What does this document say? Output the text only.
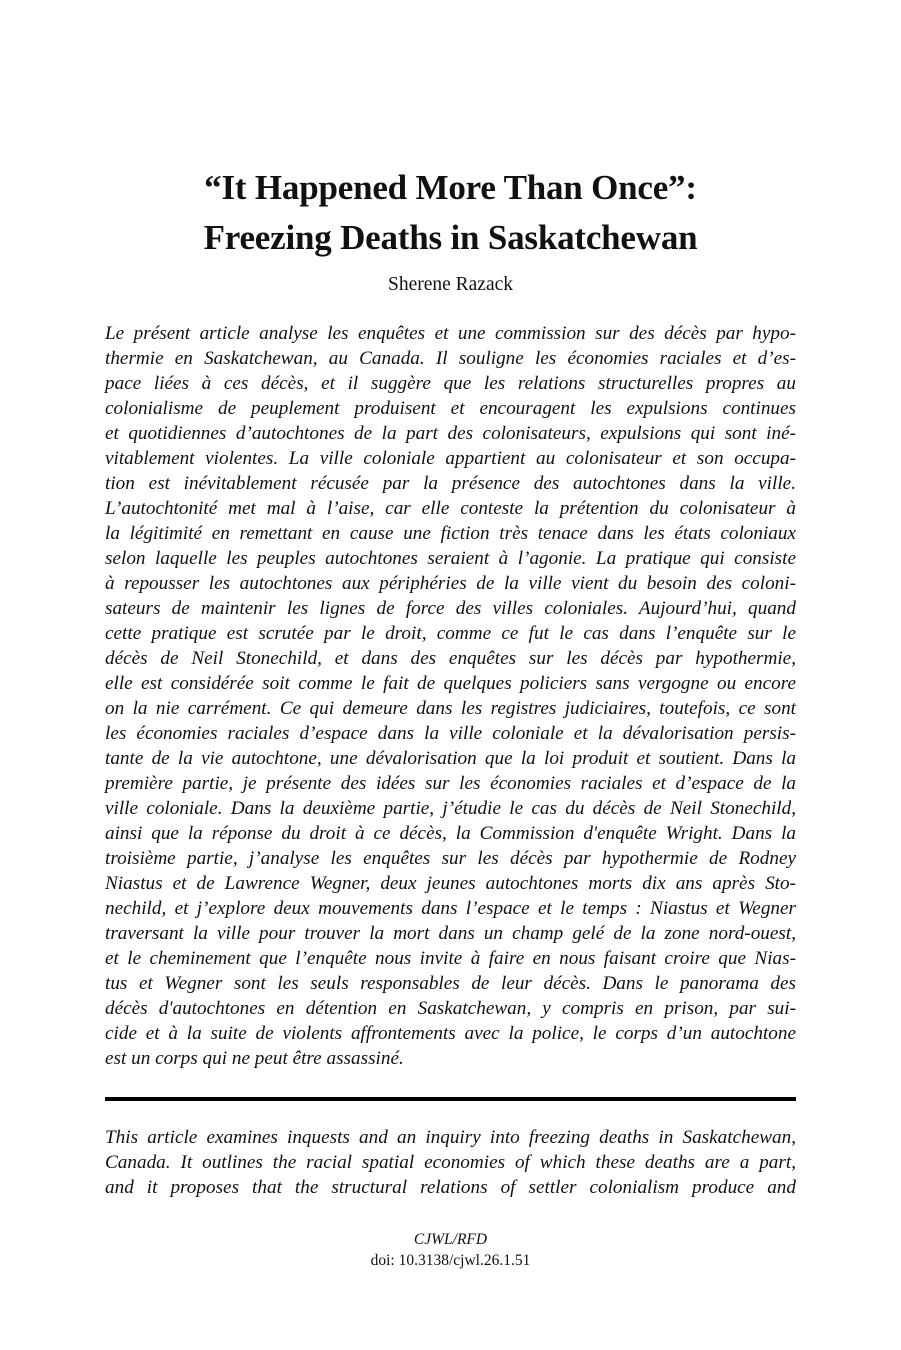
“It Happened More Than Once”:
Freezing Deaths in Saskatchewan
Sherene Razack
Le présent article analyse les enquêtes et une commission sur des décès par hypo-
thermie en Saskatchewan, au Canada. Il souligne les économies raciales et d’es-
pace liées à ces décès, et il suggère que les relations structurelles propres au
colonialisme de peuplement produisent et encouragent les expulsions continues
et quotidiennes d’autochtones de la part des colonisateurs, expulsions qui sont iné-
vitablement violentes. La ville coloniale appartient au colonisateur et son occupa-
tion est inévitablement récusée par la présence des autochtones dans la ville.
L’autochtonité met mal à l’aise, car elle conteste la prétention du colonisateur à
la légitimité en remettant en cause une fiction très tenace dans les états coloniaux
selon laquelle les peuples autochtones seraient à l’agonie. La pratique qui consiste
à repousser les autochtones aux périphéries de la ville vient du besoin des coloni-
sateurs de maintenir les lignes de force des villes coloniales. Aujourd’hui, quand
cette pratique est scrutée par le droit, comme ce fut le cas dans l’enquête sur le
décès de Neil Stonechild, et dans des enquêtes sur les décès par hypothermie,
elle est considérée soit comme le fait de quelques policiers sans vergogne ou encore
on la nie carrément. Ce qui demeure dans les registres judiciaires, toutefois, ce sont
les économies raciales d’espace dans la ville coloniale et la dévalorisation persis-
tante de la vie autochtone, une dévalorisation que la loi produit et soutient. Dans la
première partie, je présente des idées sur les économies raciales et d’espace de la
ville coloniale. Dans la deuxième partie, j’étudie le cas du décès de Neil Stonechild,
ainsi que la réponse du droit à ce décès, la Commission d'enquête Wright. Dans la
troisième partie, j’analyse les enquêtes sur les décès par hypothermie de Rodney
Niastus et de Lawrence Wegner, deux jeunes autochtones morts dix ans après Sto-
nechild, et j’explore deux mouvements dans l’espace et le temps : Niastus et Wegner
traversant la ville pour trouver la mort dans un champ gelé de la zone nord-ouest,
et le cheminement que l’enquête nous invite à faire en nous faisant croire que Nias-
tus et Wegner sont les seuls responsables de leur décès. Dans le panorama des
décès d'autochtones en détention en Saskatchewan, y compris en prison, par sui-
cide et à la suite de violents affrontements avec la police, le corps d’un autochtone
est un corps qui ne peut être assassiné.
This article examines inquests and an inquiry into freezing deaths in Saskatchewan,
Canada. It outlines the racial spatial economies of which these deaths are a part,
and it proposes that the structural relations of settler colonialism produce and
CJWL/RFD
doi: 10.3138/cjwl.26.1.51
